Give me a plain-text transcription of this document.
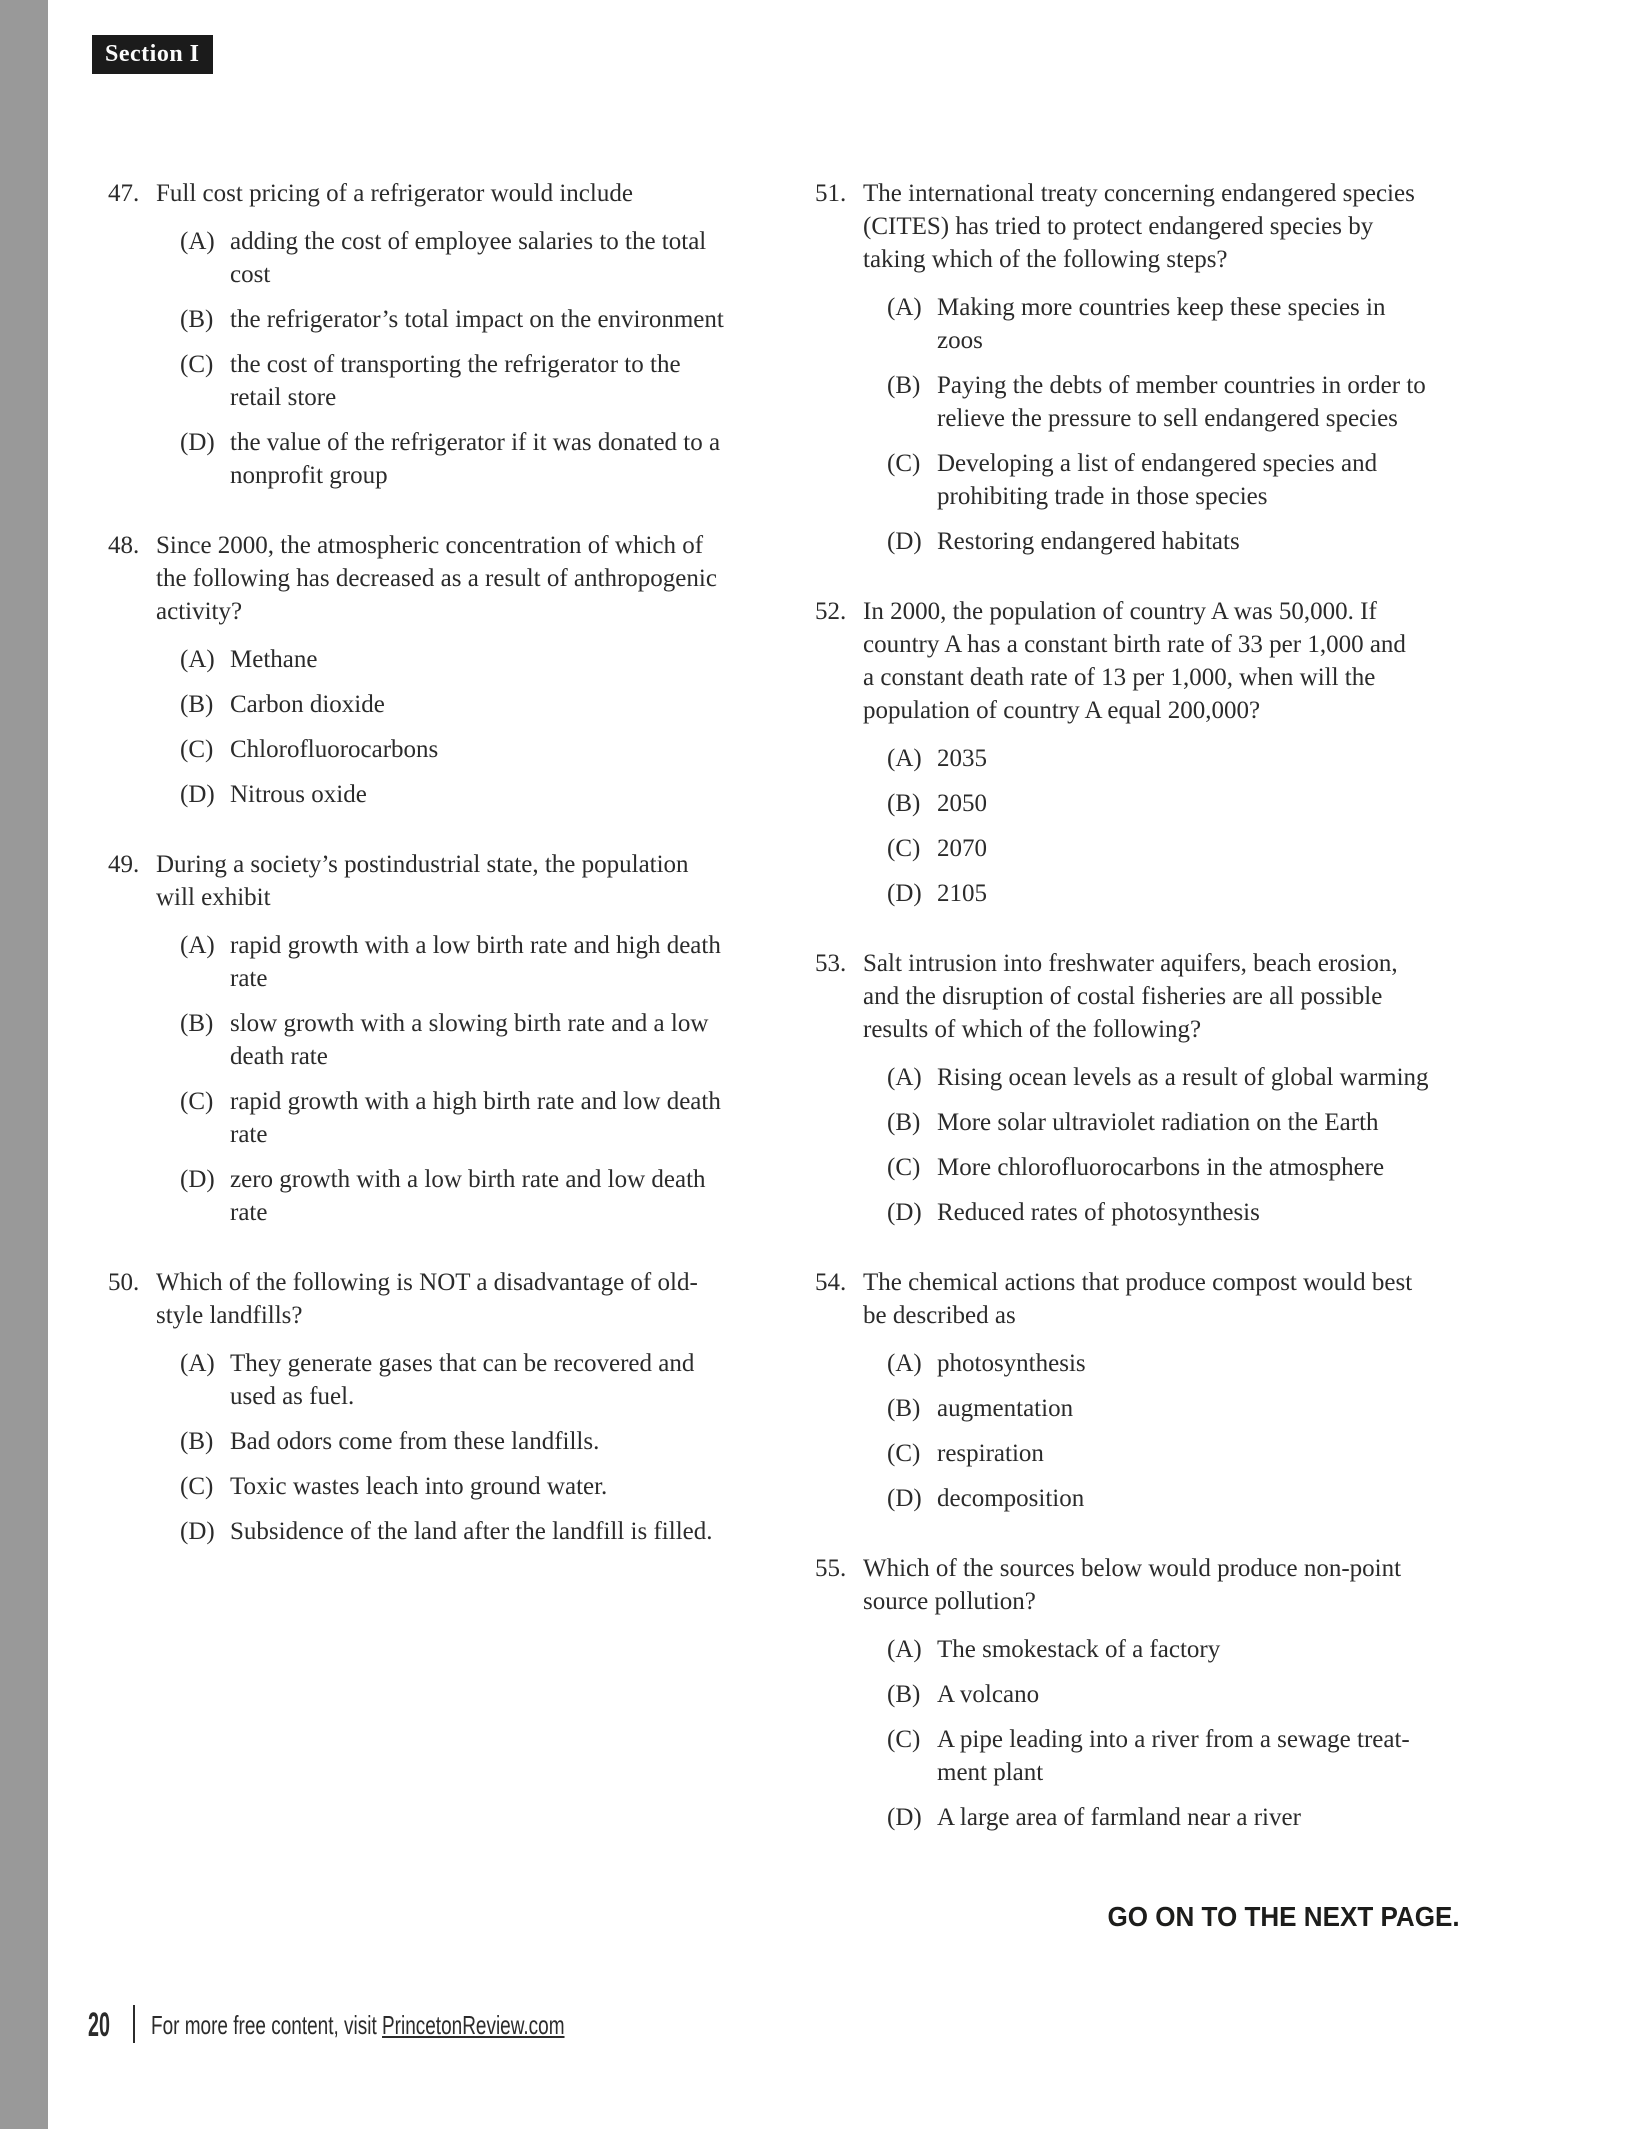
Section I
47. Full cost pricing of a refrigerator would include
(A) adding the cost of employee salaries to the total
cost
(B) the refrigerator’s total impact on the environment
(C) the cost of transporting the refrigerator to the
retail store
(D) the value of the refrigerator if it was donated to a
nonprofit group
48. Since 2000, the atmospheric concentration of which of
the following has decreased as a result of anthropogenic
activity?
(A) Methane
(B) Carbon dioxide
(C) Chlorofluorocarbons
(D) Nitrous oxide
49. During a society’s postindustrial state, the population
will exhibit
(A) rapid growth with a low birth rate and high death
rate
(B) slow growth with a slowing birth rate and a low
death rate
(C) rapid growth with a high birth rate and low death
rate
(D) zero growth with a low birth rate and low death
rate
50. Which of the following is NOT a disadvantage of old-
style landfills?
(A) They generate gases that can be recovered and
used as fuel.
(B) Bad odors come from these landfills.
(C) Toxic wastes leach into ground water.
(D) Subsidence of the land after the landfill is filled.
51. The international treaty concerning endangered species
(CITES) has tried to protect endangered species by
taking which of the following steps?
(A) Making more countries keep these species in
zoos
(B) Paying the debts of member countries in order to
relieve the pressure to sell endangered species
(C) Developing a list of endangered species and
prohibiting trade in those species
(D) Restoring endangered habitats
52. In 2000, the population of country A was 50,000. If
country A has a constant birth rate of 33 per 1,000 and
a constant death rate of 13 per 1,000, when will the
population of country A equal 200,000?
(A) 2035
(B) 2050
(C) 2070
(D) 2105
53. Salt intrusion into freshwater aquifers, beach erosion,
and the disruption of costal fisheries are all possible
results of which of the following?
(A) Rising ocean levels as a result of global warming
(B) More solar ultraviolet radiation on the Earth
(C) More chlorofluorocarbons in the atmosphere
(D) Reduced rates of photosynthesis
54. The chemical actions that produce compost would best
be described as
(A) photosynthesis
(B) augmentation
(C) respiration
(D) decomposition
55. Which of the sources below would produce non-point
source pollution?
(A) The smokestack of a factory
(B) A volcano
(C) A pipe leading into a river from a sewage treat-
ment plant
(D) A large area of farmland near a river
GO ON TO THE NEXT PAGE.
20 For more free content, visit PrincetonReview.com
